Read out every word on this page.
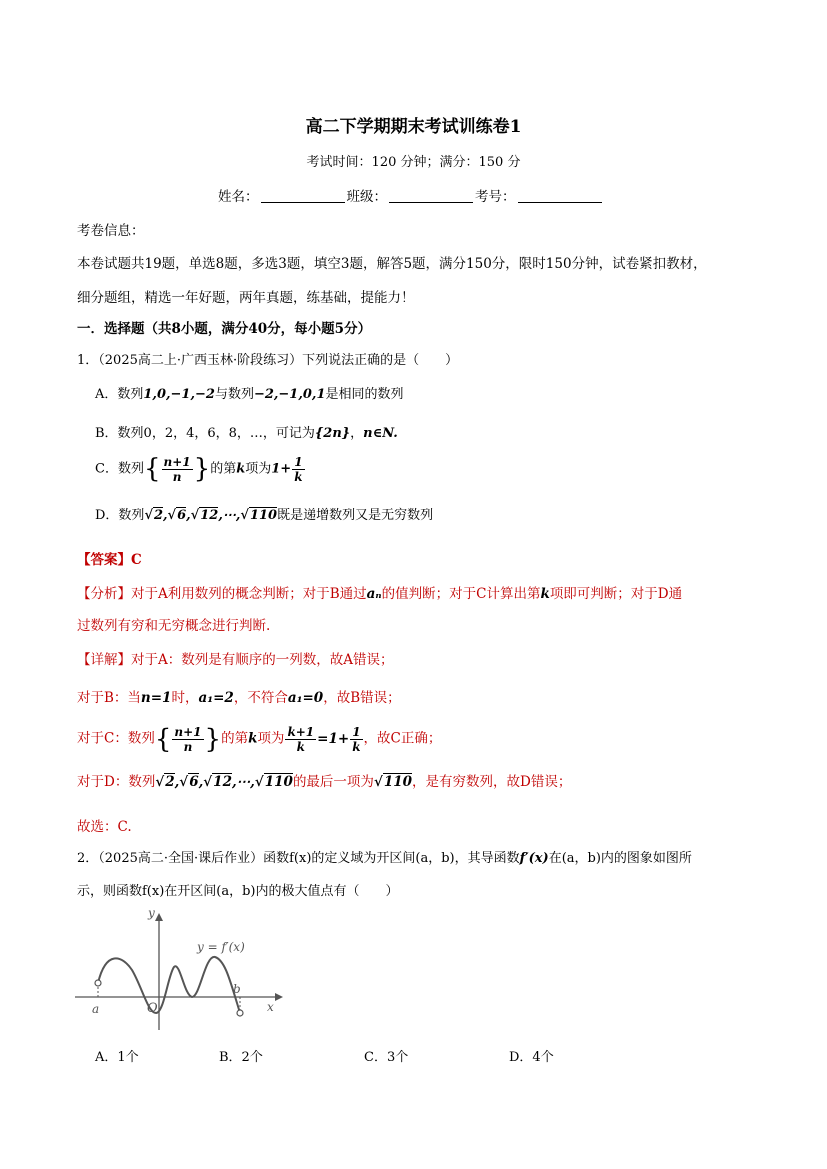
高二下学期期末考试训练卷1
考试时间：120 分钟；满分：150 分
姓名：	班级：	考号：
考卷信息：
本卷试题共19题，单选8题，多选3题，填空3题，解答5题，满分150分，限时150分钟，试卷紧扣教材，
细分题组，精选一年好题，两年真题，练基础，提能力！
一．选择题（共8小题，满分40分，每小题5分）
1．（2025高二上·广西玉林·阶段练习）下列说法正确的是（　　）
A．数列1,0,−1,−2与数列−2,−1,0,1是相同的数列
B．数列0，2，4，6，8，…，可记为{2n}，n∈N.
C．数列{ $\frac{n+1}{n}$ }的第k项为$1+ \frac{1}{k}$
D．数列√2,√6,√12,⋯,√110既是递增数列又是无穷数列
【答案】C
【分析】对于A利用数列的概念判断；对于B通过aₙ的值判断；对于C计算出第k项即可判断；对于D通
过数列有穷和无穷概念进行判断.
【详解】对于A：数列是有顺序的一列数，故A错误；
对于B：当n=1时，a₁=2，不符合a₁=0，故B错误；
对于C：数列{ $\frac{n+1}{n}$ }的第k项为 $\frac{k+1}{k} =1+ \frac{1}{k}$ ，故C正确；
对于D：数列√2,√6,√12,⋯,√110的最后一项为√110，是有穷数列，故D错误；
故选：C.
2．（2025高二·全国·课后作业）函数f(x)的定义域为开区间(a，b)，其导函数f′(x)在(a，b)内的图象如图所
示，则函数f(x)在开区间(a，b)内的极大值点有（　　）
y
x
O
a
b
y = f′(x)
A．1个	B．2个	C．3个	D．4个
